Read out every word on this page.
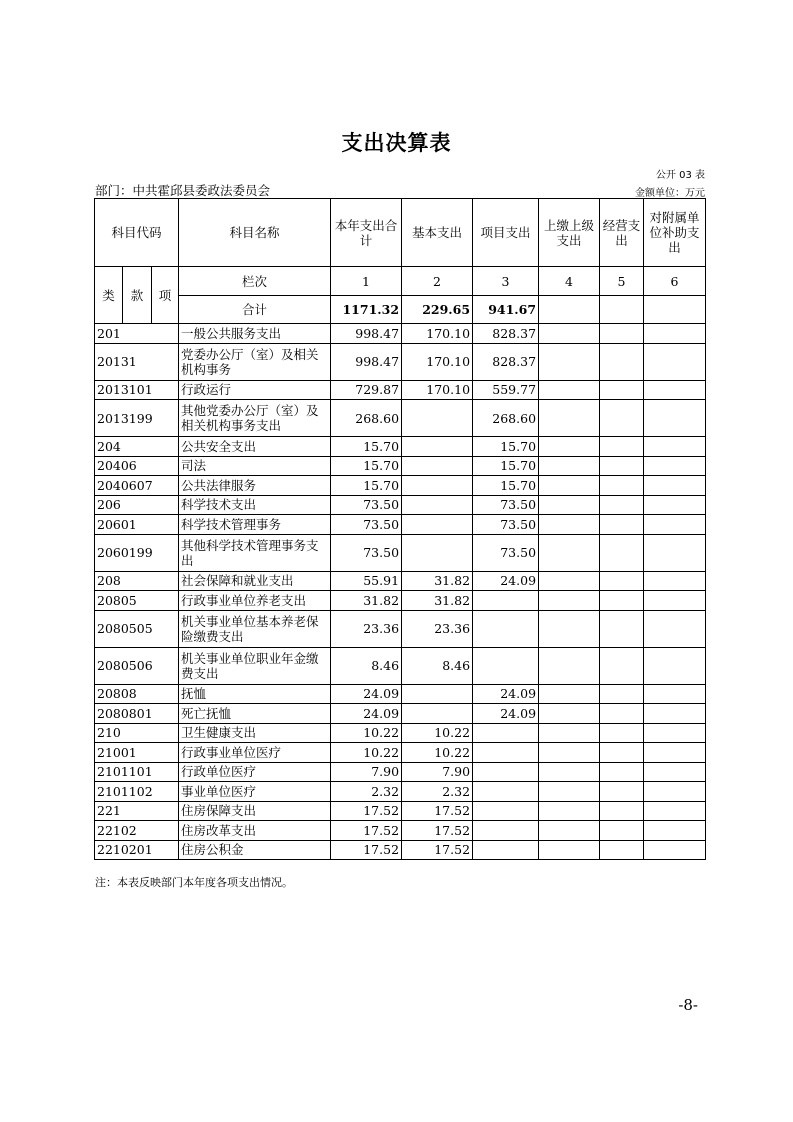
支出决算表
公开 03 表
部门：中共霍邱县委政法委员会	金额单位：万元
科目代码			科目名称	本年支出合计	基本支出	项目支出	上缴上级支出	经营支出	对附属单位补助支出
类	款	项	栏次	1	2	3	4	5	6
			合计	1171.32	229.65	941.67			
201			一般公共服务支出	998.47	170.10	828.37			
20131			党委办公厅（室）及相关机构事务	998.47	170.10	828.37			
2013101			行政运行	729.87	170.10	559.77			
2013199			其他党委办公厅（室）及相关机构事务支出	268.60		268.60			
204			公共安全支出	15.70		15.70			
20406			司法	15.70		15.70			
2040607			公共法律服务	15.70		15.70			
206			科学技术支出	73.50		73.50			
20601			科学技术管理事务	73.50		73.50			
2060199			其他科学技术管理事务支出	73.50		73.50			
208			社会保障和就业支出	55.91	31.82	24.09			
20805			行政事业单位养老支出	31.82	31.82				
2080505			机关事业单位基本养老保险缴费支出	23.36	23.36				
2080506			机关事业单位职业年金缴费支出	8.46	8.46				
20808			抚恤	24.09		24.09			
2080801			死亡抚恤	24.09		24.09			
210			卫生健康支出	10.22	10.22				
21001			行政事业单位医疗	10.22	10.22				
2101101			行政单位医疗	7.90	7.90				
2101102			事业单位医疗	2.32	2.32				
221			住房保障支出	17.52	17.52				
22102			住房改革支出	17.52	17.52				
2210201			住房公积金	17.52	17.52				
注：本表反映部门本年度各项支出情况。
-8-
